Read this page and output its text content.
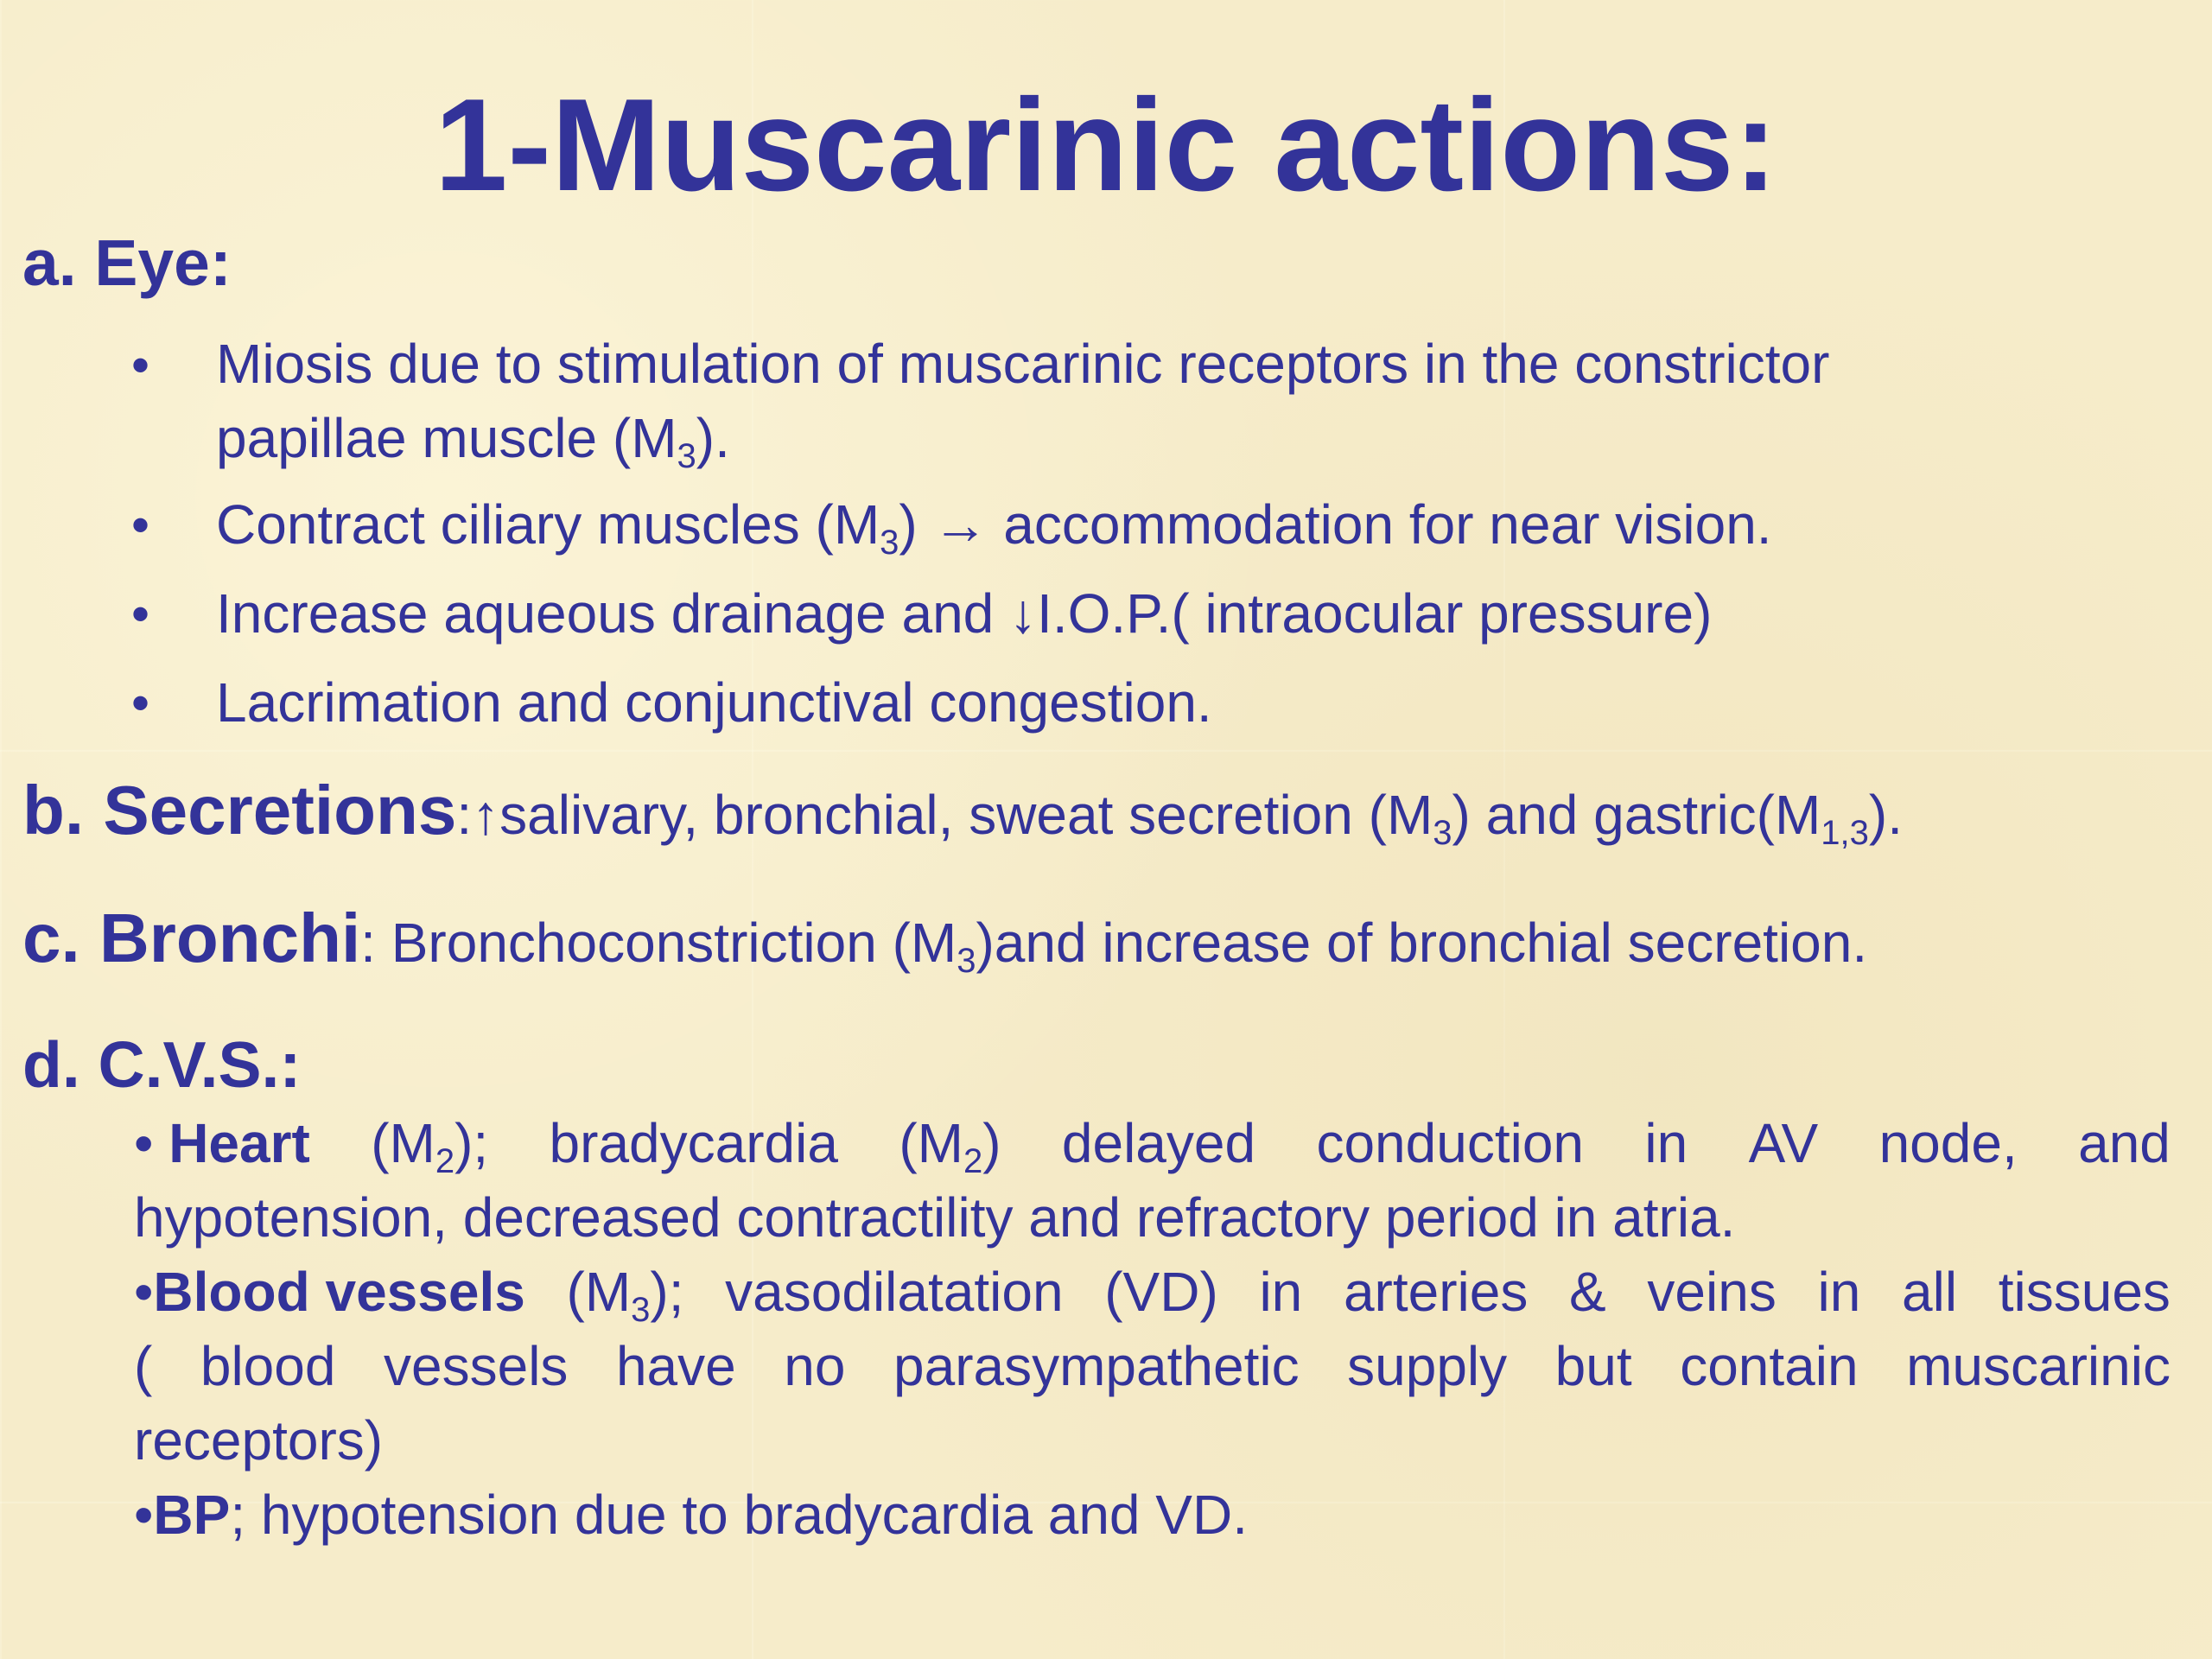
1-Muscarinic actions:
a. Eye:
• Miosis due to stimulation of muscarinic receptors in the constrictor
papillae muscle $(M_3)$.
• Contract ciliary muscles $(M_3)$ → accommodation for near vision.
• Increase aqueous drainage and ↓I.O.P.( intraocular pressure)
• Lacrimation and conjunctival congestion.
b. Secretions:↑salivary, bronchial, sweat secretion $(M_3)$ and $gastric(M_{1,3})$.
c. Bronchi: Bronchoconstriction $(M_3)and$ increase of bronchial secretion.
d. C.V.S.:
• Heart $(M_2)$; bradycardia $(M_2)$ delayed conduction in AV node, and
hypotension, decreased contractility and refractory period in atria.
•Blood vessels $(M_3)$; vasodilatation (VD) in arteries & veins in all tissues
( blood vessels have no parasympathetic supply but contain muscarinic
receptors)
•BP; hypotension due to bradycardia and VD.
